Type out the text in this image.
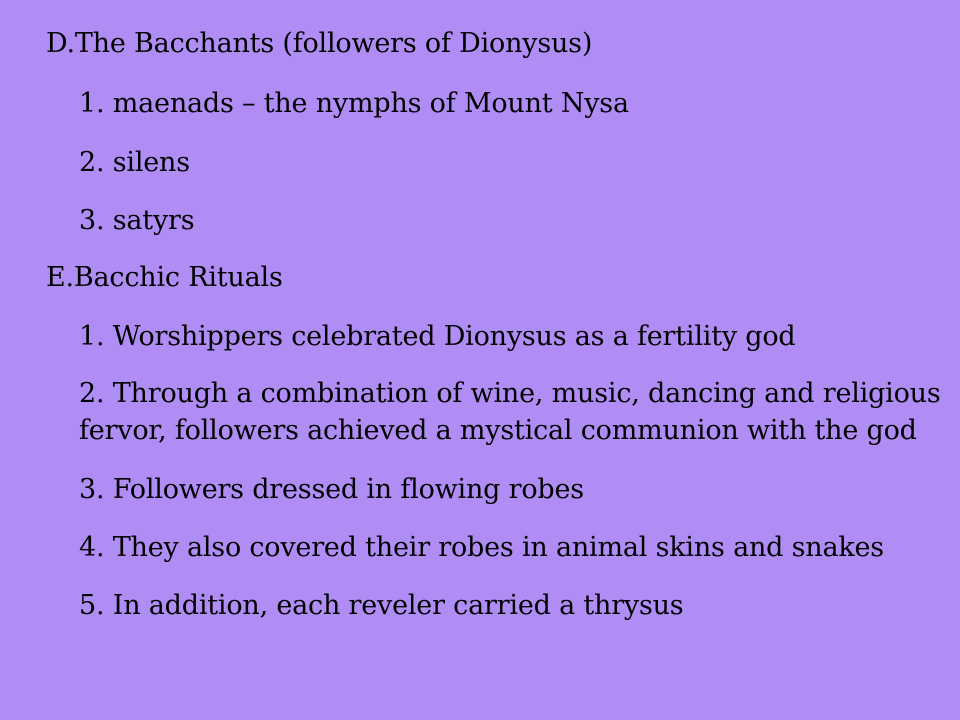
D.The Bacchants (followers of Dionysus)
1. maenads – the nymphs of Mount Nysa
2. silens
3. satyrs
E.Bacchic Rituals
1. Worshippers celebrated Dionysus as a fertility god
2. Through a combination of wine, music, dancing and religious
fervor, followers achieved a mystical communion with the god
3. Followers dressed in flowing robes
4. They also covered their robes in animal skins and snakes
5. In addition, each reveler carried a thrysus
